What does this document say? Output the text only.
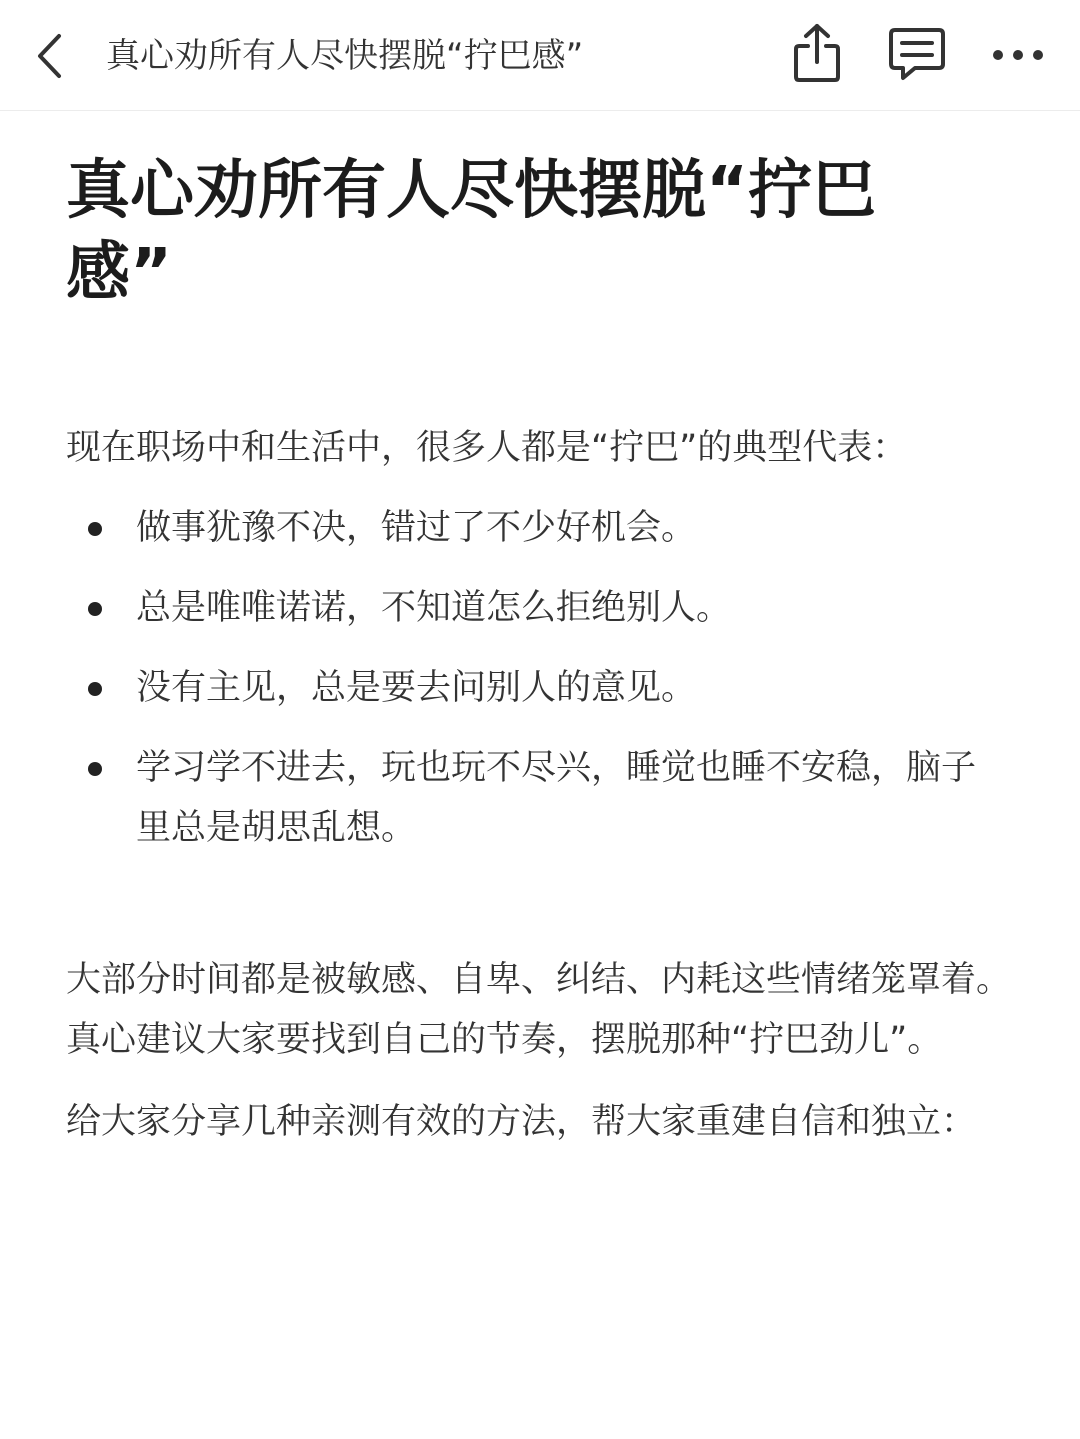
真心劝所有人尽快摆脱“拧巴感”
真心劝所有人尽快摆脱“拧巴感”

现在职场中和生活中，很多人都是“拧巴”的典型代表：

做事犹豫不决，错过了不少好机会。
总是唯唯诺诺，不知道怎么拒绝别人。
没有主见，总是要去问别人的意见。
学习学不进去，玩也玩不尽兴，睡觉也睡不安稳，脑子里总是胡思乱想。

大部分时间都是被敏感、自卑、纠结、内耗这些情绪笼罩着。真心建议大家要找到自己的节奏，摆脱那种“拧巴劲儿”。

给大家分享几种亲测有效的方法，帮大家重建自信和独立：
